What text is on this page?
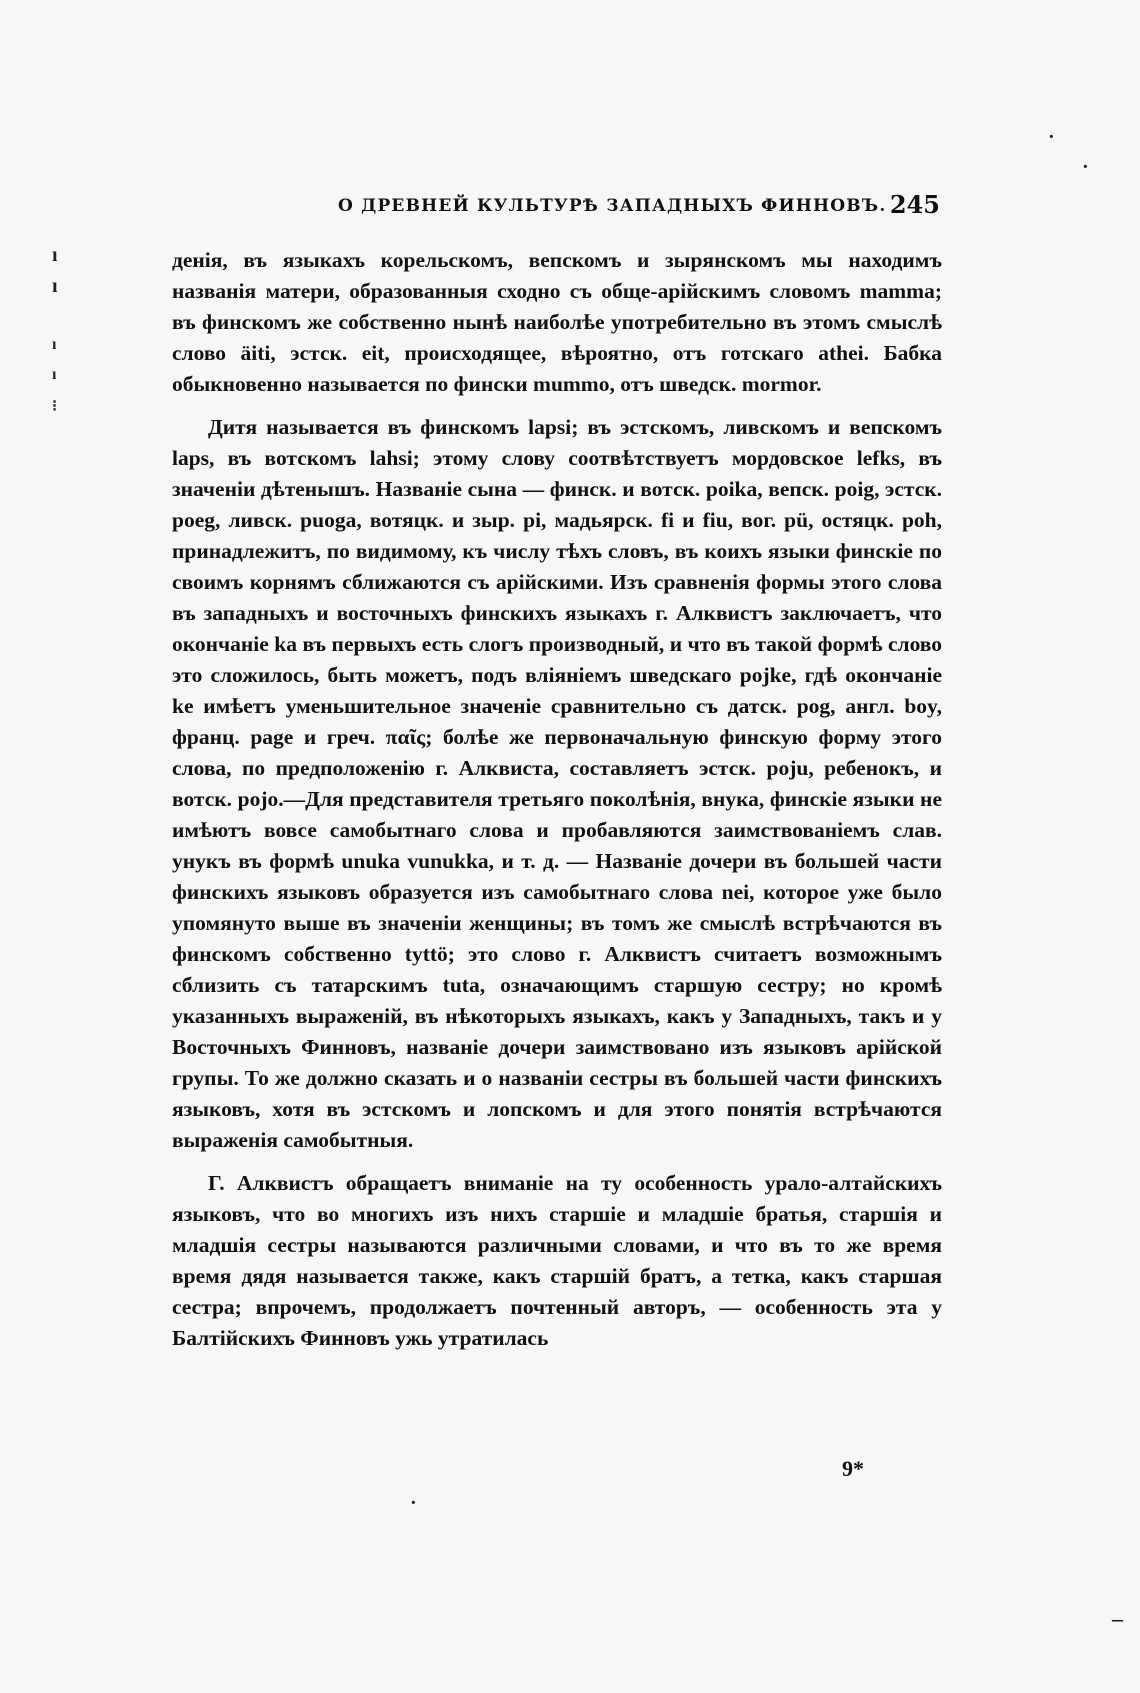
ı
ı
ı
ı
⁝
·
·
·
–
О ДРЕВНЕЙ КУЛЬТУРѢ ЗАПАДНЫХЪ ФИННОВЪ. 245

денія, въ языкахъ корельскомъ, вепскомъ и зырянскомъ мы находимъ названія матери, образованныя сходно съ обще-арійскимъ словомъ mamma; въ финскомъ же собственно нынѣ наиболѣе употребительно въ этомъ смыслѣ слово äiti, эстск. eit, происходящее, вѣроятно, отъ готскаго athei. Бабка обыкновенно называется по фински mummo, отъ шведск. mormor.

Дитя называется въ финскомъ lapsi; въ эстскомъ, ливскомъ и вепскомъ laps, въ вотскомъ lahsi; этому слову соотвѣтствуетъ мордовское lefks, въ значеніи дѣтенышъ. Названіе сына — финск. и вотск. poika, вепск. poig, эстск. poeg, ливск. puoga, вотяцк. и зыр. pi, мадьярск. fi и fiu, вог. pü, остяцк. poh, принадлежитъ, по видимому, къ числу тѣхъ словъ, въ коихъ языки финскіе по своимъ корнямъ сближаются съ арійскими. Изъ сравненія формы этого слова въ западныхъ и восточныхъ финскихъ языкахъ г. Алквистъ заключаетъ, что окончаніе ka въ первыхъ есть слогъ производный, и что въ такой формѣ слово это сложилось, быть можетъ, подъ вліяніемъ шведскаго pojke, гдѣ окончаніе ke имѣетъ уменьшительное значеніе сравнительно съ датск. pog, англ. boy, франц. page и греч. παῖς; болѣе же первоначальную финскую форму этого слова, по предположенію г. Алквиста, составляетъ эстск. poju, ребенокъ, и вотск. pojo.—Для представителя третьяго поколѣнія, внука, финскіе языки не имѣютъ вовсе самобытнаго слова и пробавляются заимствованіемъ слав. унукъ въ формѣ unuka vunukka, и т. д. — Названіе дочери въ большей части финскихъ языковъ образуется изъ самобытнаго слова nei, которое уже было упомянуто выше въ значеніи женщины; въ томъ же смыслѣ встрѣчаются въ финскомъ собственно tyttö; это слово г. Алквистъ считаетъ возможнымъ сблизить съ татарскимъ tuta, означающимъ старшую сестру; но кромѣ указанныхъ выраженій, въ нѣкоторыхъ языкахъ, какъ у Западныхъ, такъ и у Восточныхъ Финновъ, названіе дочери заимствовано изъ языковъ арійской групы. То же должно сказать и о названіи сестры въ большей части финскихъ языковъ, хотя въ эстскомъ и лопскомъ и для этого понятія встрѣчаются выраженія самобытныя.

Г. Алквистъ обращаетъ вниманіе на ту особенность урало-алтайскихъ языковъ, что во многихъ изъ нихъ старшіе и младшіе братья, старшія и младшія сестры называются различными словами, и что въ то же время время дядя называется также, какъ старшій братъ, а тетка, какъ старшая сестра; впрочемъ, продолжаетъ почтенный авторъ, — особенность эта у Балтійскихъ Финновъ ужь утратилась

9*
